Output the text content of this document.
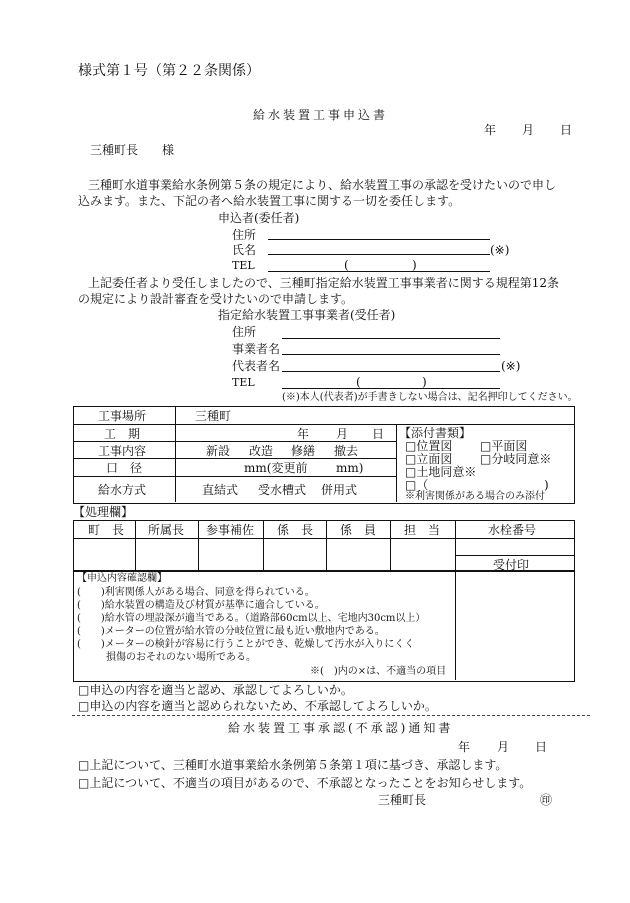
様式第１号（第２２条関係）
給水装置工事申込書
年 月 日
三種町長　　様
三種町水道事業給水条例第５条の規定により、給水装置工事の承認を受けたいので申し
込みます。また、下記の者へ給水装置工事に関する一切を委任します。
申込者(委任者)
住所
氏名	(※)
TEL	(	)
上記委任者より受任しましたので、三種町指定給水装置工事事業者に関する規程第12条
の規定により設計審査を受けたいので申請します。
指定給水装置工事事業者(受任者)
住所
事業者名
代表者名	(※)
TEL	(	)
(※)本人(代表者)が手書きしない場合は、記名押印してください。
工事場所	三種町
工　期	年 月 日
工事内容	新設 改造 修繕 撤去
口　径	mm(変更前 mm)
給水方式	直結式 受水槽式 併用式
【添付書類】
□位置図 □平面図
□立面図 □分岐同意※
□土地同意※
□（	)
※利害関係がある場合のみ添付
【処理欄】
町　長 所属長 参事補佐 係　長 係　員 担　当	水栓番号
受付印
【申込内容確認欄】
(　　)利害関係人がある場合、同意を得られている。
(　　)給水装置の構造及び材質が基準に適合している。
(　　)給水管の埋設深が適当である。（道路部60cm以上、宅地内30cm以上）
(　　)メーターの位置が給水管の分岐位置に最も近い敷地内である。
(　　)メーターの検針が容易に行うことができ、乾燥して汚水が入りにくく
損傷のおそれのない場所である。
※(　)内の×は、不適当の項目
□申込の内容を適当と認め、承認してよろしいか。
□申込の内容を適当と認められないため、不承認してよろしいか。
給水装置工事承認(不承認)通知書
年 月 日
□上記について、三種町水道事業給水条例第５条第１項に基づき、承認します。
□上記について、不適当の項目があるので、不承認となったことをお知らせします。
三種町長	㊞
